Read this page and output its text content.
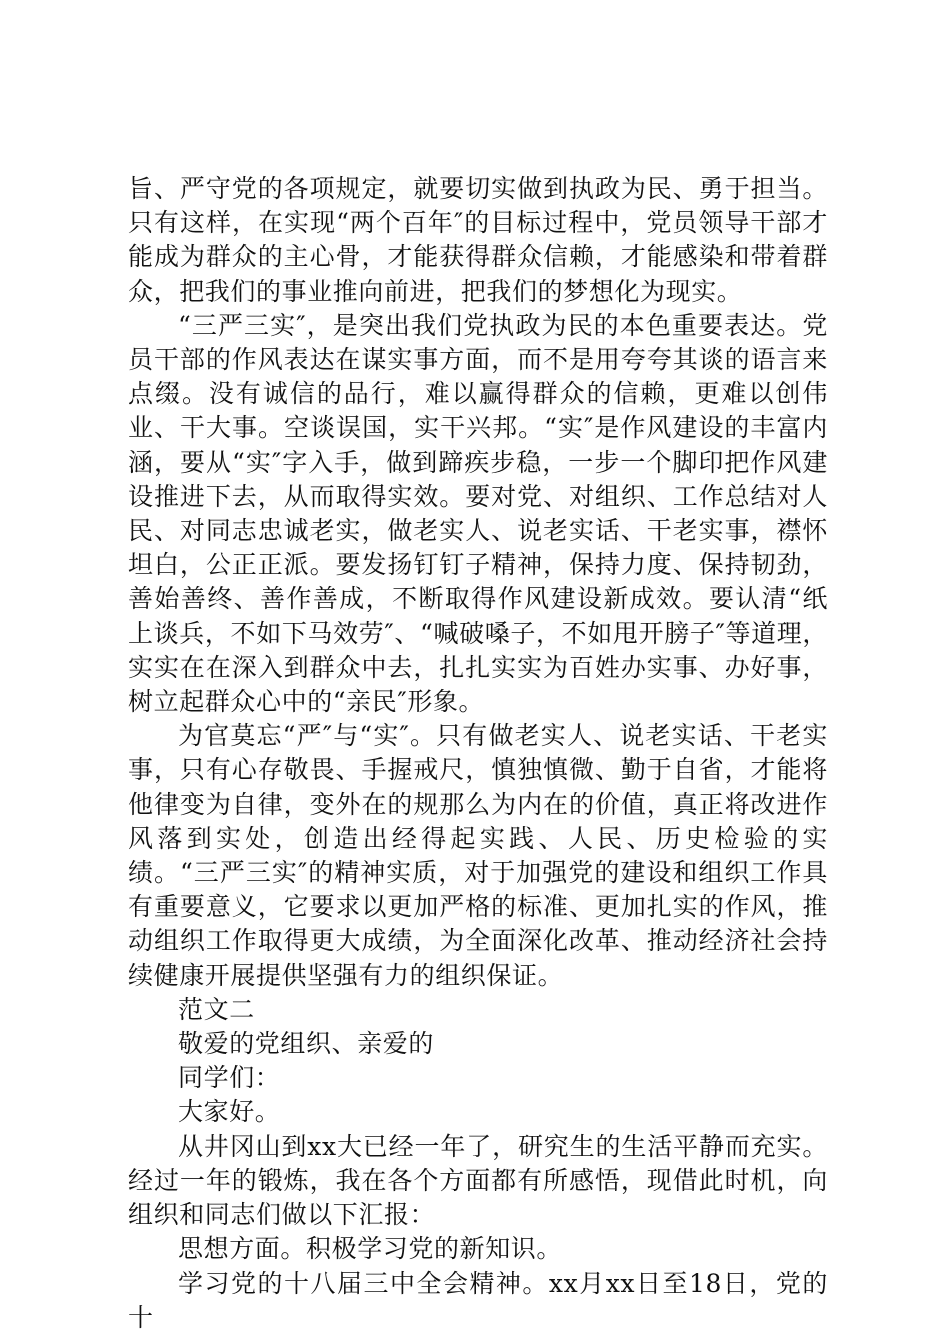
旨、严守党的各项规定，就要切实做到执政为民、勇于担当。只有这样，在实现“两个百年″的目标过程中，党员领导干部才能成为群众的主心骨，才能获得群众信赖，才能感染和带着群众，把我们的事业推向前进，把我们的梦想化为现实。

“三严三实″，是突出我们党执政为民的本色重要表达。党员干部的作风表达在谋实事方面，而不是用夸夸其谈的语言来点缀。没有诚信的品行，难以赢得群众的信赖，更难以创伟业、干大事。空谈误国，实干兴邦。“实″是作风建设的丰富内涵，要从“实″字入手，做到蹄疾步稳，一步一个脚印把作风建设推进下去，从而取得实效。要对党、对组织、工作总结对人民、对同志忠诚老实，做老实人、说老实话、干老实事，襟怀坦白，公正正派。要发扬钉钉子精神，保持力度、保持韧劲，善始善终、善作善成，不断取得作风建设新成效。要认清“纸上谈兵，不如下马效劳″、“喊破嗓子，不如甩开膀子″等道理，实实在在深入到群众中去，扎扎实实为百姓办实事、办好事，树立起群众心中的“亲民″形象。

为官莫忘“严″与“实″。只有做老实人、说老实话、干老实事，只有心存敬畏、手握戒尺，慎独慎微、勤于自省，才能将他律变为自律，变外在的规那么为内在的价值，真正将改进作风落到实处，创造出经得起实践、人民、历史检验的实绩。“三严三实″的精神实质，对于加强党的建设和组织工作具有重要意义，它要求以更加严格的标准、更加扎实的作风，推动组织工作取得更大成绩，为全面深化改革、推动经济社会持续健康开展提供坚强有力的组织保证。

范文二

敬爱的党组织、亲爱的

同学们：

大家好。

从井冈山到xx大已经一年了，研究生的生活平静而充实。经过一年的锻炼，我在各个方面都有所感悟，现借此时机，向组织和同志们做以下汇报：

思想方面。积极学习党的新知识。

学习党的十八届三中全会精神。xx月xx日至18日，党的十
